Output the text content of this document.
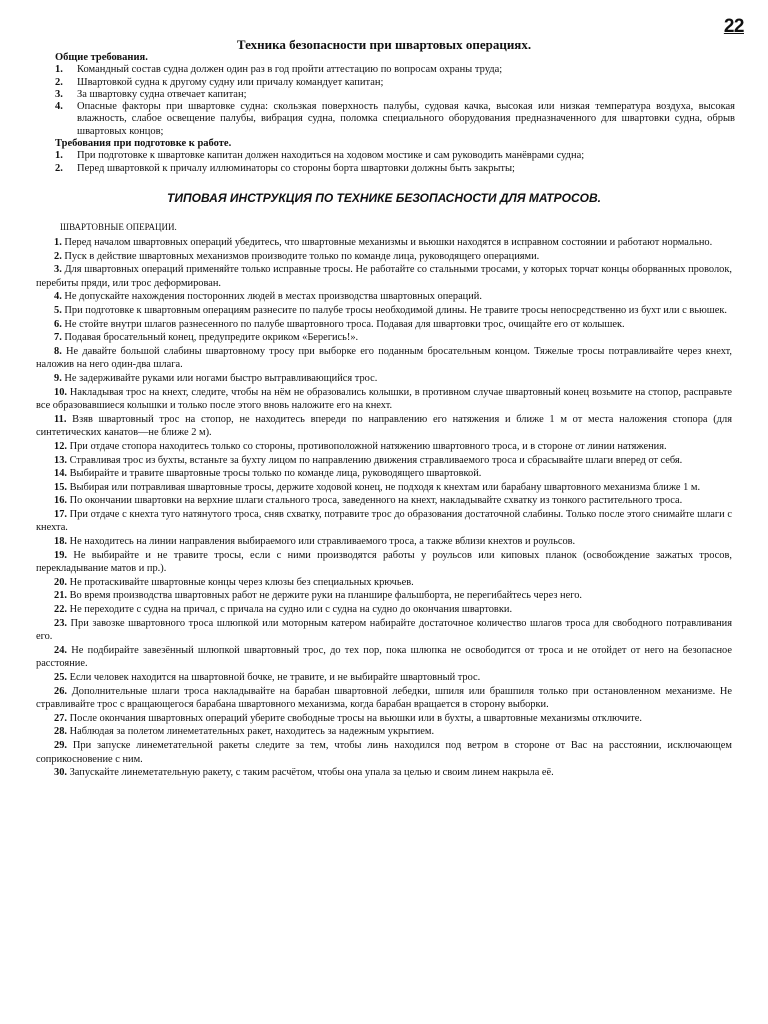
22
Техника безопасности при швартовых операциях.
Общие требования.
1.	Командный состав судна должен один раз в год пройти аттестацию по вопросам охраны труда;
2.	Швартовкой судна к другому судну или причалу командует капитан;
3.	За швартовку судна отвечает капитан;
4.	Опасные факторы при швартовке судна: скользкая поверхность палубы, судовая качка, высокая или низкая температура воздуха, высокая влажность, слабое освещение палубы, вибрация судна, поломка специального оборудования предназначенного для швартовки судна, обрыв швартовых концов;
Требования при подготовке к работе.
1.	При подготовке к швартовке капитан должен находиться на ходовом мостике и сам руководить манёврами судна;
2.	Перед швартовкой к причалу иллюминаторы со стороны борта швартовки должны быть закрыты;
ТИПОВАЯ ИНСТРУКЦИЯ ПО ТЕХНИКЕ БЕЗОПАСНОСТИ ДЛЯ МАТРОСОВ.
ШВАРТОВНЫЕ ОПЕРАЦИИ.

1. Перед началом швартовных операций убедитесь, что швартовные механизмы и вьюшки находятся в исправном состоянии и работают нормально.

2. Пуск в действие швартовных механизмов производите только по команде лица, руководящего операциями.

3. Для швартовных операций применяйте только исправные тросы. Не работайте со стальными тросами, у которых торчат концы оборванных проволок, перебиты пряди, или трос деформирован.

4. Не допускайте нахождения посторонних людей в местах производства швартовных операций.

5. При подготовке к швартовным операциям разнесите по палубе тросы необходимой длины. Не травите тросы непосредственно из бухт или с вьюшек.

6. Не стойте внутри шлагов разнесенного по палубе швартовного троса. Подавая для швартовки трос, очищайте его от колышек.

7. Подавая бросательный конец, предупредите окриком «Берегись!».

8. Не давайте большой слабины швартовному тросу при выборке его поданным бросательным концом. Тяжелые тросы потравливайте через кнехт, наложив на него один-два шлага.

9. Не задерживайте руками или ногами быстро вытравливающийся трос.

10. Накладывая трос на кнехт, следите, чтобы на нём не образовались колышки, в противном случае швартовный конец возьмите на стопор, расправьте все образовавшиеся колышки и только после этого вновь наложите его на кнехт.

11. Взяв швартовный трос на стопор, не находитесь впереди по направлению его натяжения и ближе 1 м от места наложения стопора (для синтетических канатов—не ближе 2 м).

12. При отдаче стопора находитесь только со стороны, противоположной натяжению швартовного троса, и в стороне от линии натяжения.

13. Стравливая трос из бухты, встаньте за бухту лицом по направлению движения стравливаемого троса и сбрасывайте шлаги вперед от себя.

14. Выбирайте и травите швартовные тросы только по команде лица, руководящего швартовкой.

15. Выбирая или потравливая швартовные тросы, держите ходовой конец, не подходя к кнехтам или барабану швартовного механизма ближе 1 м.

16. По окончании швартовки на верхние шлаги стального троса, заведенного на кнехт, накладывайте схватку из тонкого растительного троса.

17. При отдаче с кнехта туго натянутого троса, сняв схватку, потравите трос до образования достаточной слабины. Только после этого снимайте шлаги с кнехта.

18. Не находитесь на линии направления выбираемого или стравливаемого троса, а также вблизи кнехтов и роульсов.

19. Не выбирайте и не травите тросы, если с ними производятся работы у роульсов или киповых планок (освобождение зажатых тросов, перекладывание матов и пр.).

20. Не протаскивайте швартовные концы через клюзы без специальных крючьев.

21. Во время производства швартовных работ не держите руки на планшире фальшборта, не перегибайтесь через него.

22. Не переходите с судна на причал, с причала на судно или с судна на судно до окончания швартовки.

23. При завозке швартовного троса шлюпкой или моторным катером набирайте достаточное количество шлагов троса для свободного потравливания его.

24. Не подбирайте завезённый шлюпкой швартовный трос, до тех пор, пока шлюпка не освободится от троса и не отойдет от него на безопасное расстояние.

25. Если человек находится на швартовной бочке, не травите, и не выбирайте швартовный трос.

26. Дополнительные шлаги троса накладывайте на барабан швартовной лебедки, шпиля или брашпиля только при остановленном механизме. Не стравливайте трос с вращающегося барабана швартовного механизма, когда барабан вращается в сторону выборки.

27. После окончания швартовных операций уберите свободные тросы на вьюшки или в бухты, а швартовные механизмы отключите.

28. Наблюдая за полетом линеметательных ракет, находитесь за надежным укрытием.

29. При запуске линеметательной ракеты следите за тем, чтобы линь находился под ветром в стороне от Вас на расстоянии, исключающем соприкосновение с ним.

30. Запускайте линеметательную ракету, с таким расчётом, чтобы она упала за целью и своим линем накрыла её.
